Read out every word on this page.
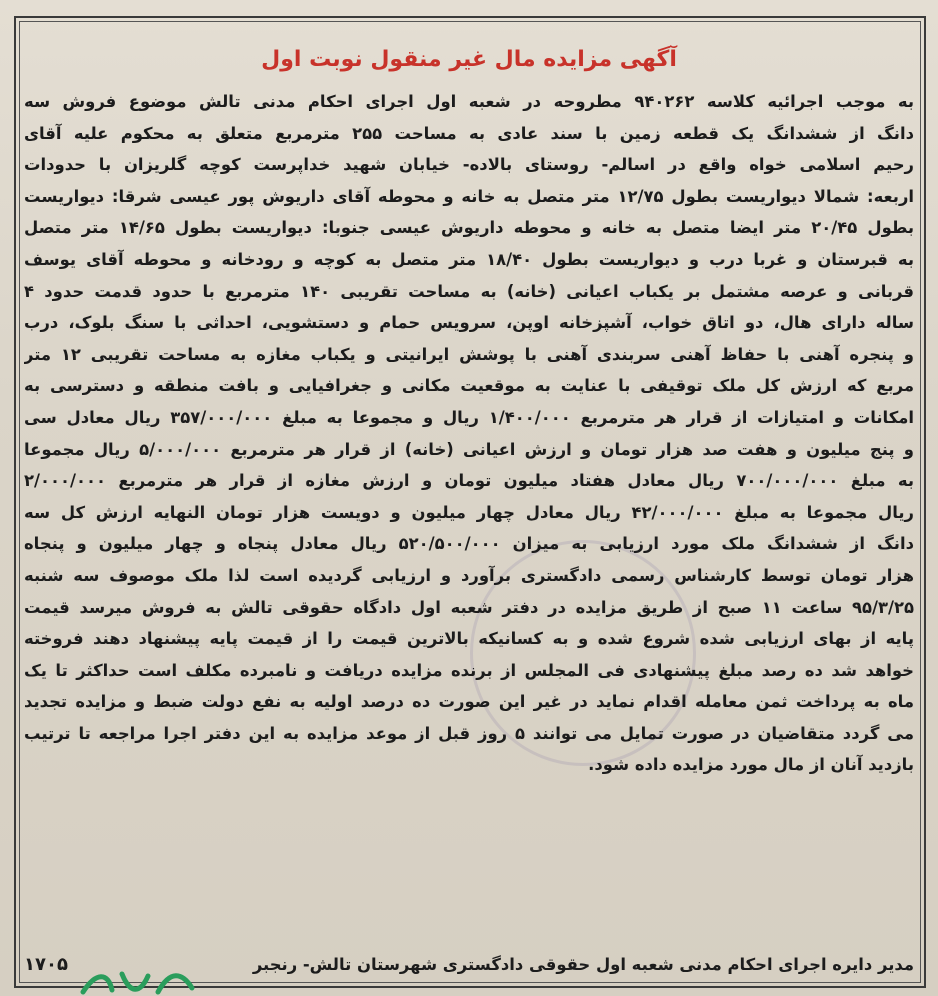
آگهی مزایده مال غیر منقول نوبت اول
به موجب اجرائیه کلاسه ۹۴۰۲۶۲ مطروحه در شعبه اول اجرای احکام مدنی تالش موضوع فروش سه
دانگ از ششدانگ یک قطعه زمین با سند عادی به مساحت ۲۵۵ مترمربع متعلق به محکوم علیه آقای
رحیم اسلامی خواه واقع در اسالم- روستای بالاده- خیابان شهید خداپرست کوچه گلریزان با حدودات
اربعه: شمالا دیواریست بطول ۱۲/۷۵ متر متصل به خانه و محوطه آقای داریوش پور عیسی شرقا: دیواریست
بطول ۲۰/۴۵ متر ایضا متصل به خانه و محوطه داریوش عیسی جنوبا: دیواریست بطول ۱۴/۶۵ متر متصل
به قبرستان و غربا درب و دیواریست بطول ۱۸/۴۰ متر متصل به کوچه و رودخانه و محوطه آقای یوسف
قربانی و عرصه مشتمل بر یکباب اعیانی (خانه) به مساحت تقریبی ۱۴۰ مترمربع با حدود قدمت حدود ۴
ساله دارای هال، دو اتاق خواب، آشپزخانه اوپن، سرویس حمام و دستشویی، احداثی با سنگ بلوک، درب
و پنجره آهنی با حفاظ آهنی سربندی آهنی با پوشش ایرانیتی و یکباب مغازه به مساحت تقریبی ۱۲ متر
مربع که ارزش کل ملک توقیفی با عنایت به موقعیت مکانی و جغرافیایی و بافت منطقه و دسترسی به
امکانات و امتیازات از قرار هر مترمربع ۱/۴۰۰/۰۰۰ ریال و مجموعا به مبلغ ۳۵۷/۰۰۰/۰۰۰ ریال معادل سی
و پنج میلیون و هفت صد هزار تومان و ارزش اعیانی (خانه) از قرار هر مترمربع ۵/۰۰۰/۰۰۰ ریال مجموعا
به مبلغ ۷۰۰/۰۰۰/۰۰۰ ریال معادل هفتاد میلیون تومان و ارزش مغازه از قرار هر مترمربع ۲/۰۰۰/۰۰۰
ریال مجموعا به مبلغ ۴۲/۰۰۰/۰۰۰ ریال معادل چهار میلیون و دویست هزار تومان النهایه ارزش کل سه
دانگ از ششدانگ ملک مورد ارزیابی به میزان ۵۲۰/۵۰۰/۰۰۰ ریال معادل پنجاه و چهار میلیون و پنجاه
هزار تومان توسط کارشناس رسمی دادگستری برآورد و ارزیابی گردیده است لذا ملک موصوف سه شنبه
۹۵/۳/۲۵ ساعت ۱۱ صبح از طریق مزایده در دفتر شعبه اول دادگاه حقوقی تالش به فروش میرسد قیمت
پایه از بهای ارزیابی شده شروع شده و به کسانیکه بالاترین قیمت را از قیمت پایه پیشنهاد دهند فروخته
خواهد شد ده رصد مبلغ پیشنهادی فی المجلس از برنده مزایده دریافت و نامبرده مکلف است حداکثر تا یک
ماه به پرداخت ثمن معامله اقدام نماید در غیر این صورت ده درصد اولیه به نفع دولت ضبط و مزایده تجدید
می گردد متقاضیان در صورت تمایل می توانند ۵ روز قبل از موعد مزایده به این دفتر اجرا مراجعه تا ترتیب
بازدید آنان از مال مورد مزایده داده شود.
مدیر دایره اجرای احکام مدنی شعبه اول حقوقی دادگستری شهرستان تالش- رنجبر
۱۷۰۵
